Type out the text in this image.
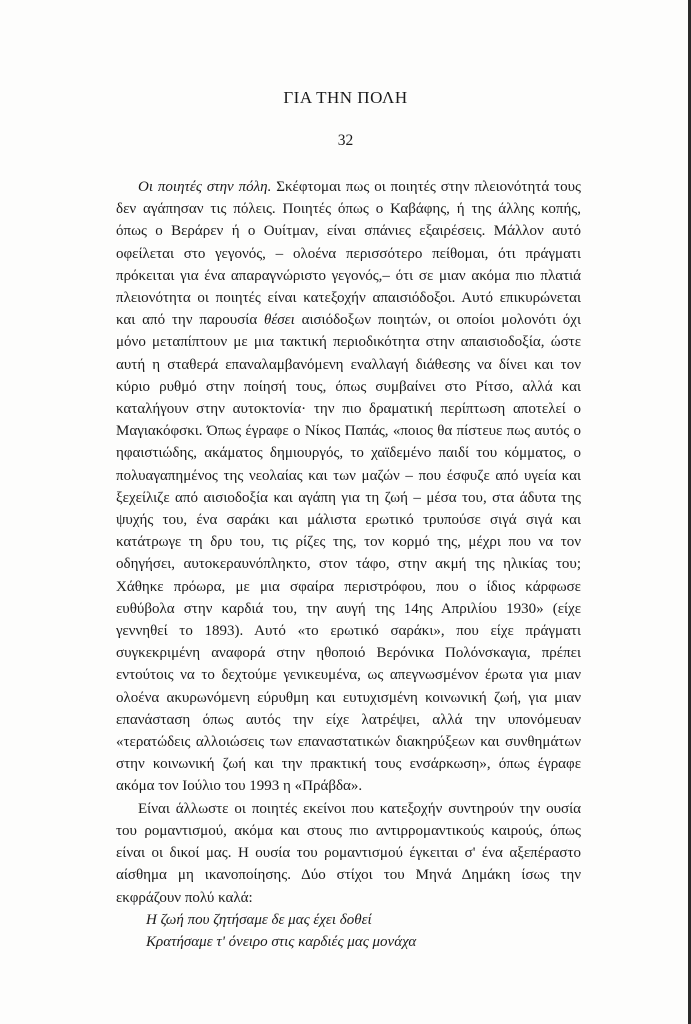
ΓΙΑ ΤΗΝ ΠΟΛΗ
32

Οι ποιητές στην πόλη. Σκέφτομαι πως οι ποιητές στην πλειονότητά τους δεν αγάπησαν τις πόλεις. Ποιητές όπως ο Καβάφης, ή της άλλης κοπής, όπως ο Βεράρεν ή ο Ουίτμαν, είναι σπάνιες εξαιρέσεις. Μάλλον αυτό οφείλεται στο γεγονός, – ολοένα περισσότερο πείθομαι, ότι πράγματι πρόκειται για ένα απαραγνώριστο γεγονός,– ότι σε μιαν ακόμα πιο πλατιά πλειονότητα οι ποιητές είναι κατεξοχήν απαισιόδοξοι. Αυτό επικυρώνεται και από την παρουσία θέσει αισιόδοξων ποιητών, οι οποίοι μολονότι όχι μόνο μεταπίπτουν με μια τακτική περιοδικότητα στην απαισιοδοξία, ώστε αυτή η σταθερά επαναλαμβανόμενη εναλλαγή διάθεσης να δίνει και τον κύριο ρυθμό στην ποίησή τους, όπως συμβαίνει στο Ρίτσο, αλλά και καταλήγουν στην αυτοκτονία· την πιο δραματική περίπτωση αποτελεί ο Μαγιακόφσκι. Όπως έγραφε ο Νίκος Παπάς, «ποιος θα πίστευε πως αυτός ο ηφαιστιώδης, ακάματος δημιουργός, το χαϊδεμένο παιδί του κόμματος, ο πολυαγαπημένος της νεολαίας και των μαζών – που έσφυζε από υγεία και ξεχείλιζε από αισιοδοξία και αγάπη για τη ζωή – μέσα του, στα άδυτα της ψυχής του, ένα σαράκι και μάλιστα ερωτικό τρυπούσε σιγά σιγά και κατάτρωγε τη δρυ του, τις ρίζες της, τον κορμό της, μέχρι που να τον οδηγήσει, αυτοκεραυνόπληκτο, στον τάφο, στην ακμή της ηλικίας του; Χάθηκε πρόωρα, με μια σφαίρα περιστρόφου, που ο ίδιος κάρφωσε ευθύβολα στην καρδιά του, την αυγή της 14ης Απριλίου 1930» (είχε γεννηθεί το 1893). Αυτό «το ερωτικό σαράκι», που είχε πράγματι συγκεκριμένη αναφορά στην ηθοποιό Βερόνικα Πολόνσκαγια, πρέπει εντούτοις να το δεχτούμε γενικευμένα, ως απεγνωσμένον έρωτα για μιαν ολοένα ακυρωνόμενη εύρυθμη και ευτυχισμένη κοινωνική ζωή, για μιαν επανάσταση όπως αυτός την είχε λατρέψει, αλλά την υπονόμευαν «τερατώδεις αλλοιώσεις των επαναστατικών διακηρύξεων και συνθημάτων στην κοινωνική ζωή και την πρακτική τους ενσάρκωση», όπως έγραφε ακόμα τον Ιούλιο του 1993 η «Πράβδα».

Είναι άλλωστε οι ποιητές εκείνοι που κατεξοχήν συντηρούν την ουσία του ρομαντισμού, ακόμα και στους πιο αντιρρομαντικούς καιρούς, όπως είναι οι δικοί μας. Η ουσία του ρομαντισμού έγκειται σ' ένα αξεπέραστο αίσθημα μη ικανοποίησης. Δύο στίχοι του Μηνά Δημάκη ίσως την εκφράζουν πολύ καλά:

Η ζωή που ζητήσαμε δε μας έχει δοθεί
Κρατήσαμε τ' όνειρο στις καρδιές μας μονάχα
